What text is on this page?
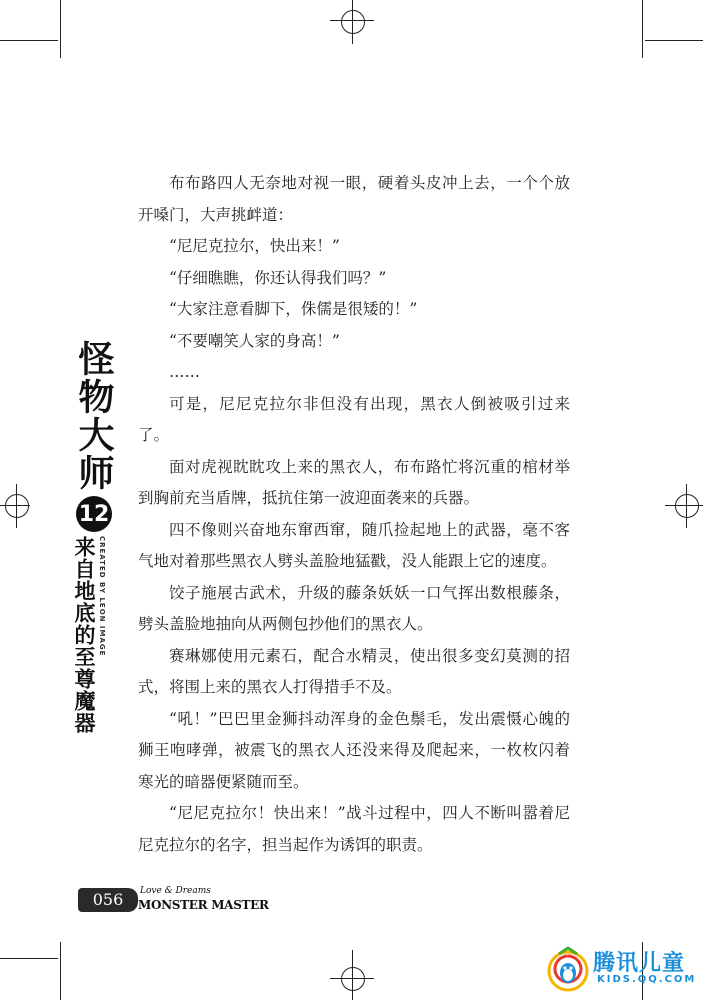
怪物大师
12
来自地底的至尊魔器 CREATED BY LEON IMAGE

布布路四人无奈地对视一眼，硬着头皮冲上去，一个个放开嗓门，大声挑衅道：

“尼尼克拉尔，快出来！”

“仔细瞧瞧，你还认得我们吗？”

“大家注意看脚下，侏儒是很矮的！”

“不要嘲笑人家的身高！”

……

可是，尼尼克拉尔非但没有出现，黑衣人倒被吸引过来了。

面对虎视眈眈攻上来的黑衣人，布布路忙将沉重的棺材举到胸前充当盾牌，抵抗住第一波迎面袭来的兵器。

四不像则兴奋地东窜西窜，随爪捡起地上的武器，毫不客气地对着那些黑衣人劈头盖脸地猛戳，没人能跟上它的速度。

饺子施展古武术，升级的藤条妖妖一口气挥出数根藤条，劈头盖脸地抽向从两侧包抄他们的黑衣人。

赛琳娜使用元素石，配合水精灵，使出很多变幻莫测的招式，将围上来的黑衣人打得措手不及。

“吼！”巴巴里金狮抖动浑身的金色鬃毛，发出震慑心魄的狮王咆哮弹，被震飞的黑衣人还没来得及爬起来，一枚枚闪着寒光的暗器便紧随而至。

“尼尼克拉尔！快出来！”战斗过程中，四人不断叫嚣着尼尼克拉尔的名字，担当起作为诱饵的职责。

056	Love & Dreams
MONSTER MASTER
腾讯儿童
KIDS.QQ.COM
